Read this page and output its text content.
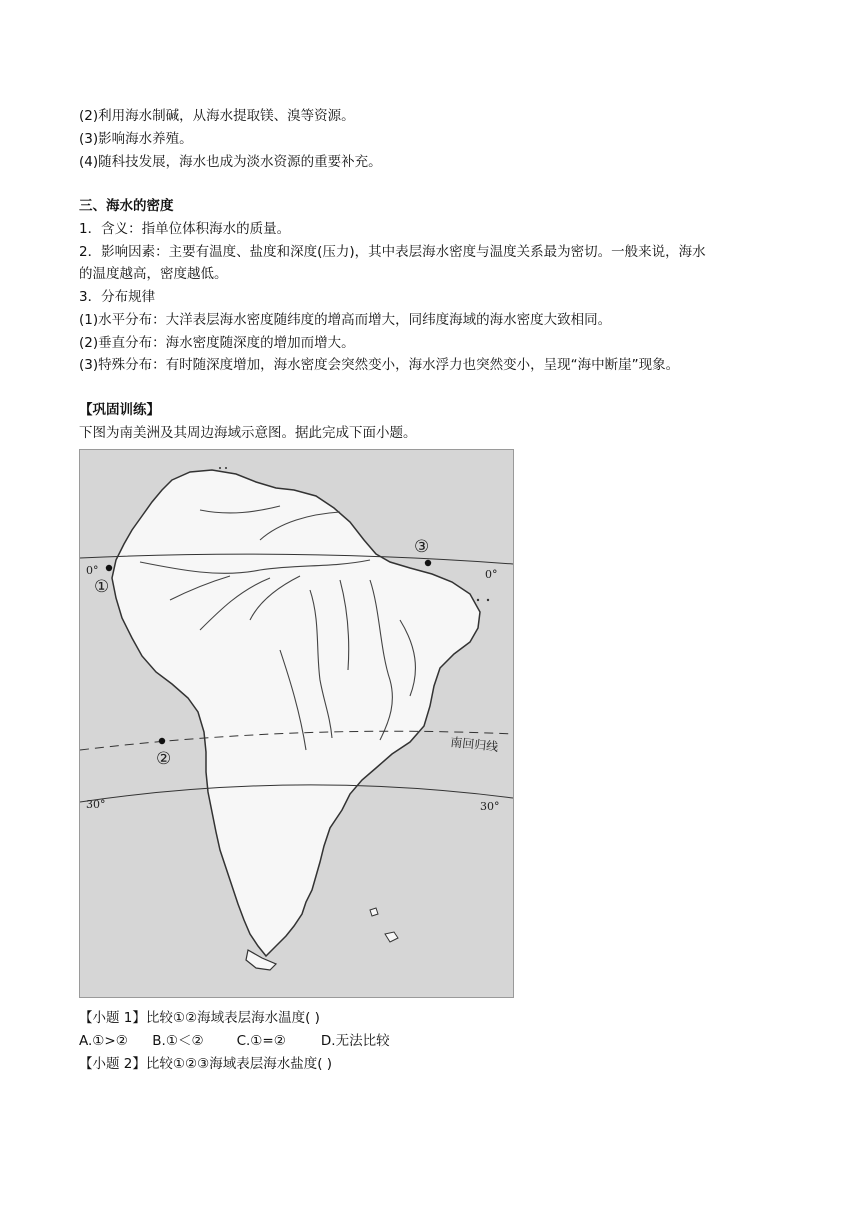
(2)利用海水制碱，从海水提取镁、溴等资源。
(3)影响海水养殖。
(4)随科技发展，海水也成为淡水资源的重要补充。
三、海水的密度
1．含义：指单位体积海水的质量。
2．影响因素：主要有温度、盐度和深度(压力)，其中表层海水密度与温度关系最为密切。一般来说，海水
的温度越高，密度越低。
3．分布规律
(1)水平分布：大洋表层海水密度随纬度的增高而增大，同纬度海域的海水密度大致相同。
(2)垂直分布：海水密度随深度的增加而增大。
(3)特殊分布：有时随深度增加，海水密度会突然变小，海水浮力也突然变小，呈现“海中断崖”现象。
【巩固训练】
下图为南美洲及其周边海域示意图。据此完成下面小题。
0°	0°
南回归线
30°	30°
①
②
③
【小题 1】比较①②海域表层海水温度( )
A.①>② B.①＜② C.①=②	D.无法比较
【小题 2】比较①②③海域表层海水盐度( )
